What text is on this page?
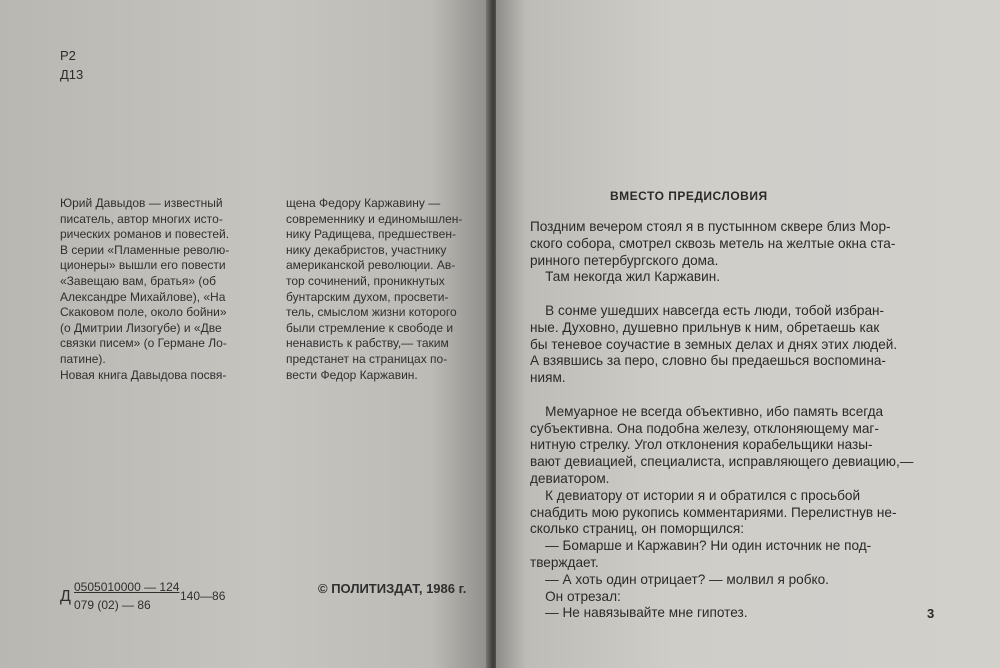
Р2
Д13
Юрий Давыдов — известный
писатель, автор многих истo-
рических романов и повестей.
В серии «Пламенные револю-
ционеры» вышли его повести
«Завещаю вам, братья» (об
Александре Михайлове), «На
Скаковом поле, около бойни»
(о Дмитрии Лизогубе) и «Две
связки писем» (о Германе Ло-
патине).
Новая книга Давыдова посвя-
щена Федору Каржавину —
современнику и единомышлен-
нику Радищева, предшествен-
нику декабристов, участнику
американской революции. Ав-
тор сочинений, проникнутых
бунтарским духом, просвети-
тель, смыслом жизни которого
были стремление к свободе и
ненависть к рабству,— таким
предстанет на страницах по-
вести Федор Каржавин.
Д
0505010000 — 124
079 (02) — 86
140—86	© ПОЛИТИЗДАТ, 1986 г.
ВМЕСТО ПРЕДИСЛОВИЯ
Поздним вечером стоял я в пустынном сквере близ Мор-
ского собора, смотрел сквозь метель на желтые окна ста-
ринного петербургского дома.
Там некогда жил Каржавин.
В сонме ушедших навсегда есть люди, тобой избран-
ные. Духовно, душевно прильнув к ним, обретаешь как
бы теневое соучастие в земных делах и днях этих людей.
А взявшись за перо, словно бы предаешься воспомина-
ниям.
Мемуарное не всегда объективно, ибо память всегда
субъективна. Она подобна железу, отклоняющему маг-
нитную стрелку. Угол отклонения корабельщики назы-
вают девиацией, специалиста, исправляющего девиацию,—
девиатором.
К девиатору от истории я и обратился с просьбой
снабдить мою рукопись комментариями. Перелистнув не-
сколько страниц, он поморщился:
— Бомарше и Каржавин? Ни один источник не под-
тверждает.
— А хоть один отрицает? — молвил я робко.
Он отрезал:
— Не навязывайте мне гипотез.	3
